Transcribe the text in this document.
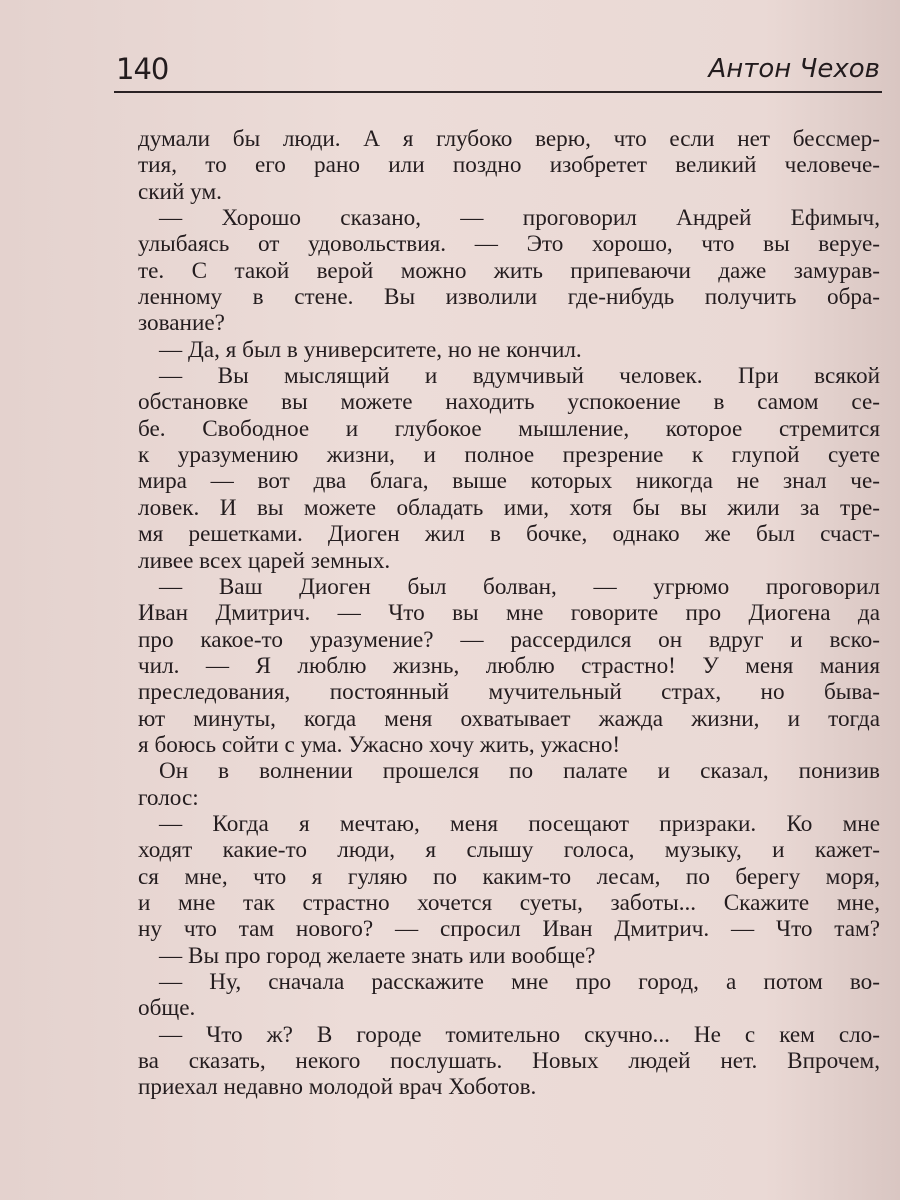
140	Антон Чехов
думали бы люди. А я глубоко верю, что если нет бессмер-
тия, то его рано или поздно изобретет великий человече-
ский ум.
— Хорошо сказано, — проговорил Андрей Ефимыч,
улыбаясь от удовольствия. — Это хорошо, что вы веруе-
те. С такой верой можно жить припеваючи даже замурав-
ленному в стене. Вы изволили где-нибудь получить обра-
зование?
— Да, я был в университете, но не кончил.
— Вы мыслящий и вдумчивый человек. При всякой
обстановке вы можете находить успокоение в самом се-
бе. Свободное и глубокое мышление, которое стремится
к уразумению жизни, и полное презрение к глупой суете
мира — вот два блага, выше которых никогда не знал че-
ловек. И вы можете обладать ими, хотя бы вы жили за тре-
мя решетками. Диоген жил в бочке, однако же был счаст-
ливее всех царей земных.
— Ваш Диоген был болван, — угрюмо проговорил
Иван Дмитрич. — Что вы мне говорите про Диогена да
про какое-то уразумение? — рассердился он вдруг и вско-
чил. — Я люблю жизнь, люблю страстно! У меня мания
преследования, постоянный мучительный страх, но быва-
ют минуты, когда меня охватывает жажда жизни, и тогда
я боюсь сойти с ума. Ужасно хочу жить, ужасно!
Он в волнении прошелся по палате и сказал, понизив
голос:
— Когда я мечтаю, меня посещают призраки. Ко мне
ходят какие-то люди, я слышу голоса, музыку, и кажет-
ся мне, что я гуляю по каким-то лесам, по берегу моря,
и мне так страстно хочется суеты, заботы... Скажите мне,
ну что там нового? — спросил Иван Дмитрич. — Что там?
— Вы про город желаете знать или вообще?
— Ну, сначала расскажите мне про город, а потом во-
обще.
— Что ж? В городе томительно скучно... Не с кем сло-
ва сказать, некого послушать. Новых людей нет. Впрочем,
приехал недавно молодой врач Хоботов.
